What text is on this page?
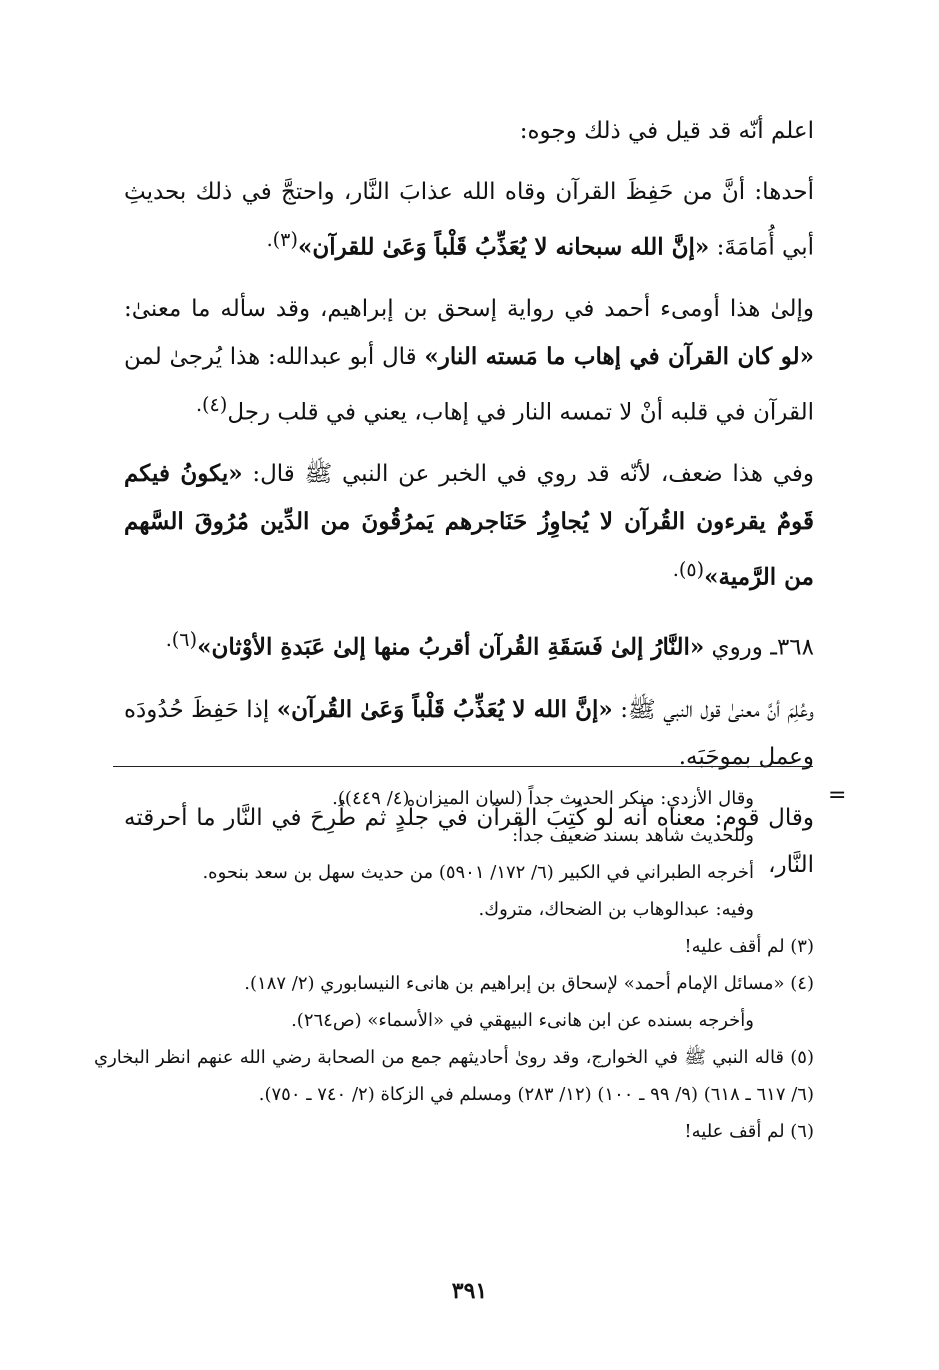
اعلم أنّه قد قيل في ذلك وجوه:

أحدها: أنَّ من حَفِظَ القرآن وقاه الله عذابَ النَّار، واحتجَّ في ذلك بحديثِ أبي أُمَامَةَ: «إنَّ الله سبحانه لا يُعَذِّبُ قَلْباً وَعَىٰ للقرآن»$^{(٣).}$

وإلىٰ هذا أومىء أحمد في رواية إسحق بن إبراهيم، وقد سأله ما معنىٰ: «لو كان القرآن في إهاب ما مَسته النار» قال أبو عبدالله: هذا يُرجىٰ لمن القرآن في قلبه أنْ لا تمسه النار في إهاب، يعني في قلب رجل$^{(٤).}$

وفي هذا ضعف، لأنّه قد روي في الخبر عن النبي ﷺ قال: «يكونُ فيكم قَومٌ يقرءون القُرآن لا يُجاوِزُ حَنَاجرهم يَمرُقُونَ من الدِّين مُرُوقَ السَّهم من الرَّمية»$^{(٥).}$

٣٦٨ـ وروي «النَّارُ إلىٰ فَسَقَةِ القُرآن أقربُ منها إلىٰ عَبَدةِ الأوْثان»$^{(٦).}$

وعُلِمَ أنَّ معنىٰ قول النبي ﷺ: «إنَّ الله لا يُعَذِّبُ قَلْباً وَعَىٰ القُرآن» إذا حَفِظَ حُدُودَه وعمل بموجَبَه.

وقال قوم: معناه أنه لو كُتِبَ القرآن في جلْدٍ ثم طُرِحَ في النَّار ما أحرقته النَّار،

=

وقال الأزدي: منكر الحديث جداً (لسان الميزان (٤/ ٤٤٩)).

وللحديث شاهد بسند ضعيف جداً:

أخرجه الطبراني في الكبير (٦/ ١٧٢/ ٥٩٠١) من حديث سهل بن سعد بنحوه.

وفيه: عبدالوهاب بن الضحاك، متروك.

(٣) لم أقف عليه!

(٤) «مسائل الإمام أحمد» لإسحاق بن إبراهيم بن هانىء النيسابوري (٢/ ١٨٧).

وأخرجه بسنده عن ابن هانىء البيهقي في «الأسماء» (ص٢٦٤).

(٥) قاله النبي ﷺ في الخوارج، وقد روىٰ أحاديثهم جمع من الصحابة رضي الله عنهم انظر البخاري (٦/ ٦١٧ ـ ٦١٨) (٩/ ٩٩ ـ ١٠٠) (١٢/ ٢٨٣) ومسلم في الزكاة (٢/ ٧٤٠ ـ ٧٥٠).

(٦) لم أقف عليه!

٣٩١
